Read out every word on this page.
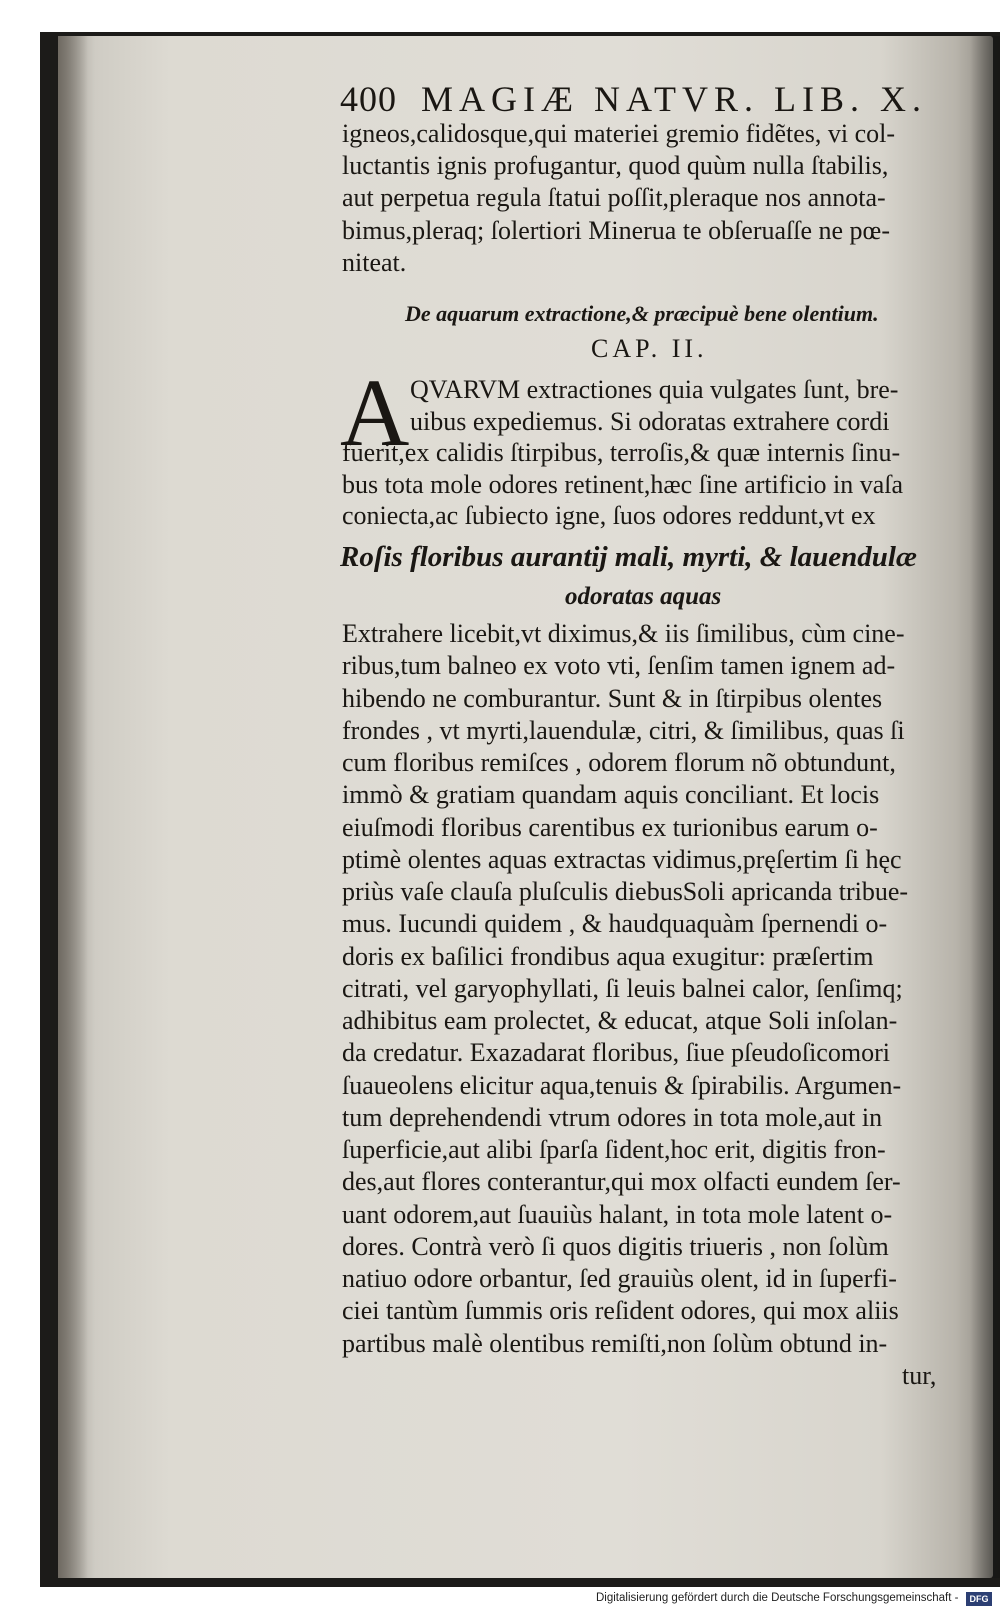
400 MAGIÆ NATVR. LIB. X.
igneos,calidosque,qui materiei gremio fidẽtes, vi col-
luctantis ignis profugantur, quod quùm nulla ſtabilis,
aut perpetua regula ſtatui poſſit,pleraque nos annota-
bimus,pleraq; ſolertiori Minerua te obſeruaſſe ne pœ-
niteat.
De aquarum extractione,& præcipuè bene olentium.
CAP. II.
A QVARVM extractiones quia vulgates ſunt, bre-
uibus expediemus. Si odoratas extrahere cordi
fuerit,ex calidis ſtirpibus, terroſis,& quæ internis ſinu-
bus tota mole odores retinent,hæc ſine artificio in vaſa
coniecta,ac ſubiecto igne, ſuos odores reddunt,vt ex
Roſis floribus aurantij mali, myrti, & lauendulæ
odoratas aquas
Extrahere licebit,vt diximus,& iis ſimilibus, cùm cine-
ribus,tum balneo ex voto vti, ſenſim tamen ignem ad-
hibendo ne comburantur. Sunt & in ſtirpibus olentes
frondes , vt myrti,lauendulæ, citri, & ſimilibus, quas ſi
cum floribus remiſces , odorem florum nõ obtundunt,
immò & gratiam quandam aquis conciliant. Et locis
eiuſmodi floribus carentibus ex turionibus earum o-
ptimè olentes aquas extractas vidimus,pręſertim ſi hęc
priùs vaſe clauſa pluſculis diebusSoli apricanda tribue-
mus. Iucundi quidem , & haudquaquàm ſpernendi o-
doris ex baſilici frondibus aqua exugitur: præſertim
citrati, vel garyophyllati, ſi leuis balnei calor, ſenſimq;
adhibitus eam prolectet, & educat, atque Soli inſolan-
da credatur. Exazadarat floribus, ſiue pſeudoſicomori
ſuaueolens elicitur aqua,tenuis & ſpirabilis. Argumen-
tum deprehendendi vtrum odores in tota mole,aut in
ſuperficie,aut alibi ſparſa ſident,hoc erit, digitis fron-
des,aut flores conterantur,qui mox olfacti eundem ſer-
uant odorem,aut ſuauiùs halant, in tota mole latent o-
dores. Contrà verò ſi quos digitis triueris , non ſolùm
natiuo odore orbantur, ſed grauiùs olent, id in ſuperfi-
ciei tantùm ſummis oris reſident odores, qui mox aliis
partibus malè olentibus remiſti,non ſolùm obtund in-
tur,
Digitalisierung gefördert durch die Deutsche Forschungsgemeinschaft -	DFG
